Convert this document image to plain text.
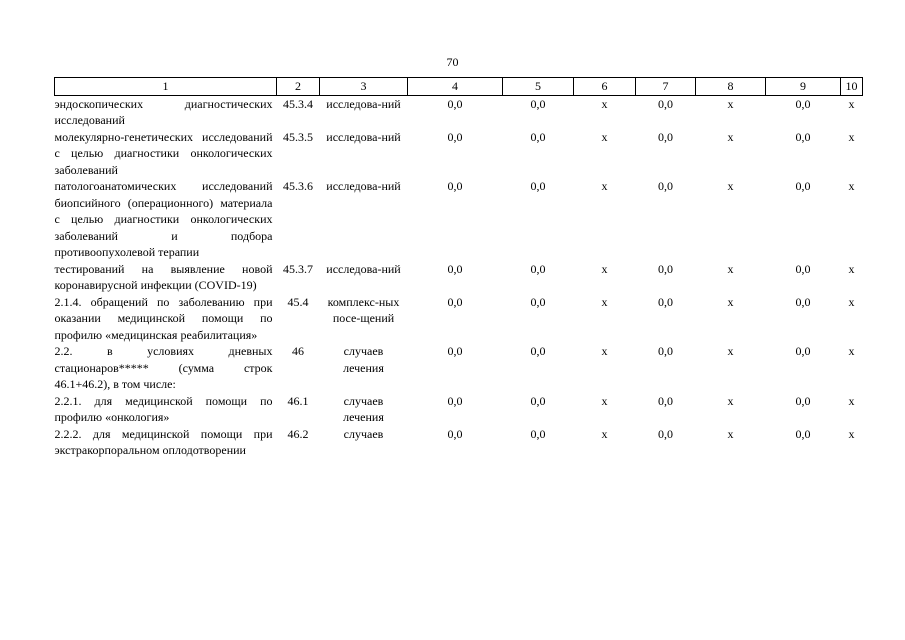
70
1	2	3	4	5	6	7	8	9	10
эндоскопических диагностических исследований	45.3.4	исследова-ний	0,0	0,0	x	0,0	x	0,0	x
молекулярно-генетических исследований с целью диагностики онкологических заболеваний	45.3.5	исследова-ний	0,0	0,0	x	0,0	x	0,0	x
патологоанатомических исследований биопсийного (операционного) материала с целью диагностики онкологических заболеваний и подбора противоопухолевой терапии	45.3.6	исследова-ний	0,0	0,0	x	0,0	x	0,0	x
тестирований на выявление новой коронавирусной инфекции (COVID-19)	45.3.7	исследова-ний	0,0	0,0	x	0,0	x	0,0	x
2.1.4. обращений по заболеванию при оказании медицинской помощи по профилю «медицинская реабилитация»	45.4	комплекс-ных посе-щений	0,0	0,0	x	0,0	x	0,0	x
2.2. в условиях дневных стационаров***** (сумма строк 46.1+46.2), в том числе:	46	случаев лечения	0,0	0,0	x	0,0	x	0,0	x
2.2.1. для медицинской помощи по профилю «онкология»	46.1	случаев лечения	0,0	0,0	x	0,0	x	0,0	x
2.2.2. для медицинской помощи при экстракорпоральном оплодотворении	46.2	случаев	0,0	0,0	x	0,0	x	0,0	x
